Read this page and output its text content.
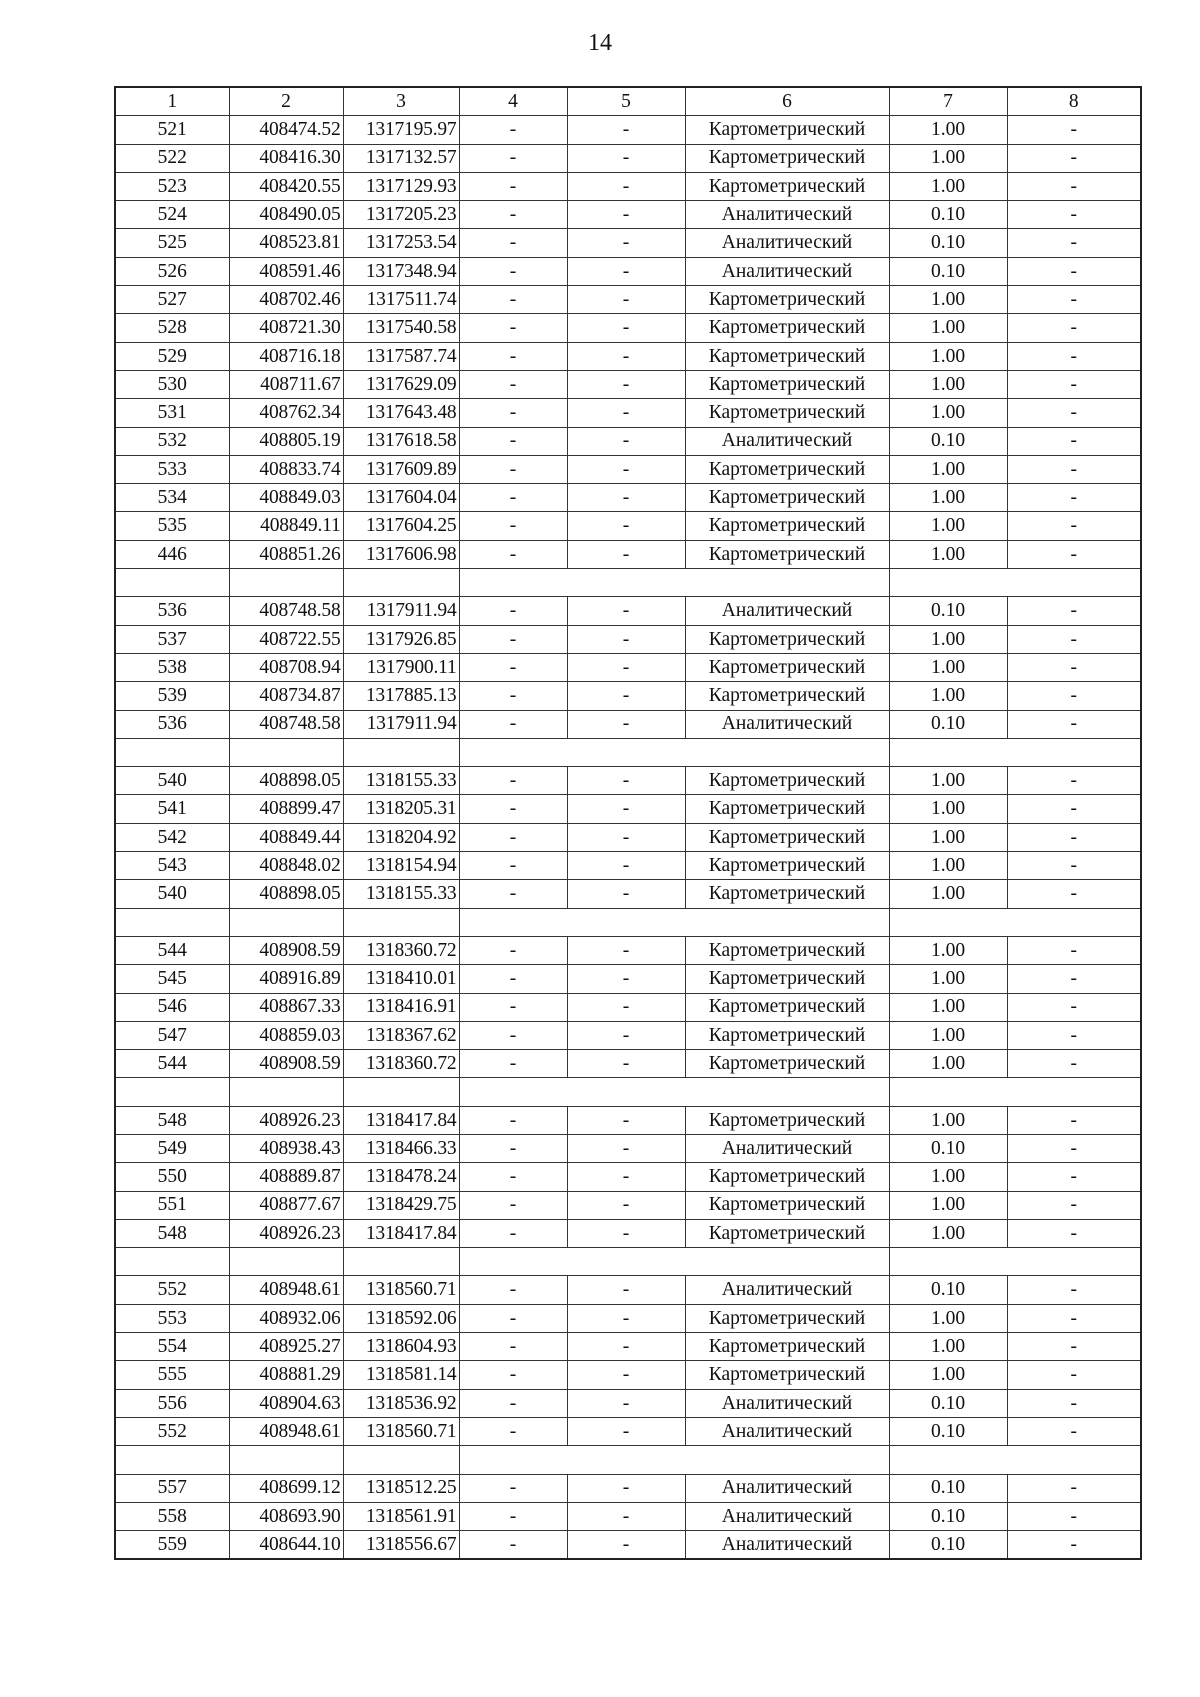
14
1	2	3	4	5	6	7	8
521	408474.52	1317195.97	-	-	Картометрический	1.00	-
522	408416.30	1317132.57	-	-	Картометрический	1.00	-
523	408420.55	1317129.93	-	-	Картометрический	1.00	-
524	408490.05	1317205.23	-	-	Аналитический	0.10	-
525	408523.81	1317253.54	-	-	Аналитический	0.10	-
526	408591.46	1317348.94	-	-	Аналитический	0.10	-
527	408702.46	1317511.74	-	-	Картометрический	1.00	-
528	408721.30	1317540.58	-	-	Картометрический	1.00	-
529	408716.18	1317587.74	-	-	Картометрический	1.00	-
530	408711.67	1317629.09	-	-	Картометрический	1.00	-
531	408762.34	1317643.48	-	-	Картометрический	1.00	-
532	408805.19	1317618.58	-	-	Аналитический	0.10	-
533	408833.74	1317609.89	-	-	Картометрический	1.00	-
534	408849.03	1317604.04	-	-	Картометрический	1.00	-
535	408849.11	1317604.25	-	-	Картометрический	1.00	-
446	408851.26	1317606.98	-	-	Картометрический	1.00	-

536	408748.58	1317911.94	-	-	Аналитический	0.10	-
537	408722.55	1317926.85	-	-	Картометрический	1.00	-
538	408708.94	1317900.11	-	-	Картометрический	1.00	-
539	408734.87	1317885.13	-	-	Картометрический	1.00	-
536	408748.58	1317911.94	-	-	Аналитический	0.10	-

540	408898.05	1318155.33	-	-	Картометрический	1.00	-
541	408899.47	1318205.31	-	-	Картометрический	1.00	-
542	408849.44	1318204.92	-	-	Картометрический	1.00	-
543	408848.02	1318154.94	-	-	Картометрический	1.00	-
540	408898.05	1318155.33	-	-	Картометрический	1.00	-

544	408908.59	1318360.72	-	-	Картометрический	1.00	-
545	408916.89	1318410.01	-	-	Картометрический	1.00	-
546	408867.33	1318416.91	-	-	Картометрический	1.00	-
547	408859.03	1318367.62	-	-	Картометрический	1.00	-
544	408908.59	1318360.72	-	-	Картометрический	1.00	-

548	408926.23	1318417.84	-	-	Картометрический	1.00	-
549	408938.43	1318466.33	-	-	Аналитический	0.10	-
550	408889.87	1318478.24	-	-	Картометрический	1.00	-
551	408877.67	1318429.75	-	-	Картометрический	1.00	-
548	408926.23	1318417.84	-	-	Картометрический	1.00	-

552	408948.61	1318560.71	-	-	Аналитический	0.10	-
553	408932.06	1318592.06	-	-	Картометрический	1.00	-
554	408925.27	1318604.93	-	-	Картометрический	1.00	-
555	408881.29	1318581.14	-	-	Картометрический	1.00	-
556	408904.63	1318536.92	-	-	Аналитический	0.10	-
552	408948.61	1318560.71	-	-	Аналитический	0.10	-

557	408699.12	1318512.25	-	-	Аналитический	0.10	-
558	408693.90	1318561.91	-	-	Аналитический	0.10	-
559	408644.10	1318556.67	-	-	Аналитический	0.10	-
